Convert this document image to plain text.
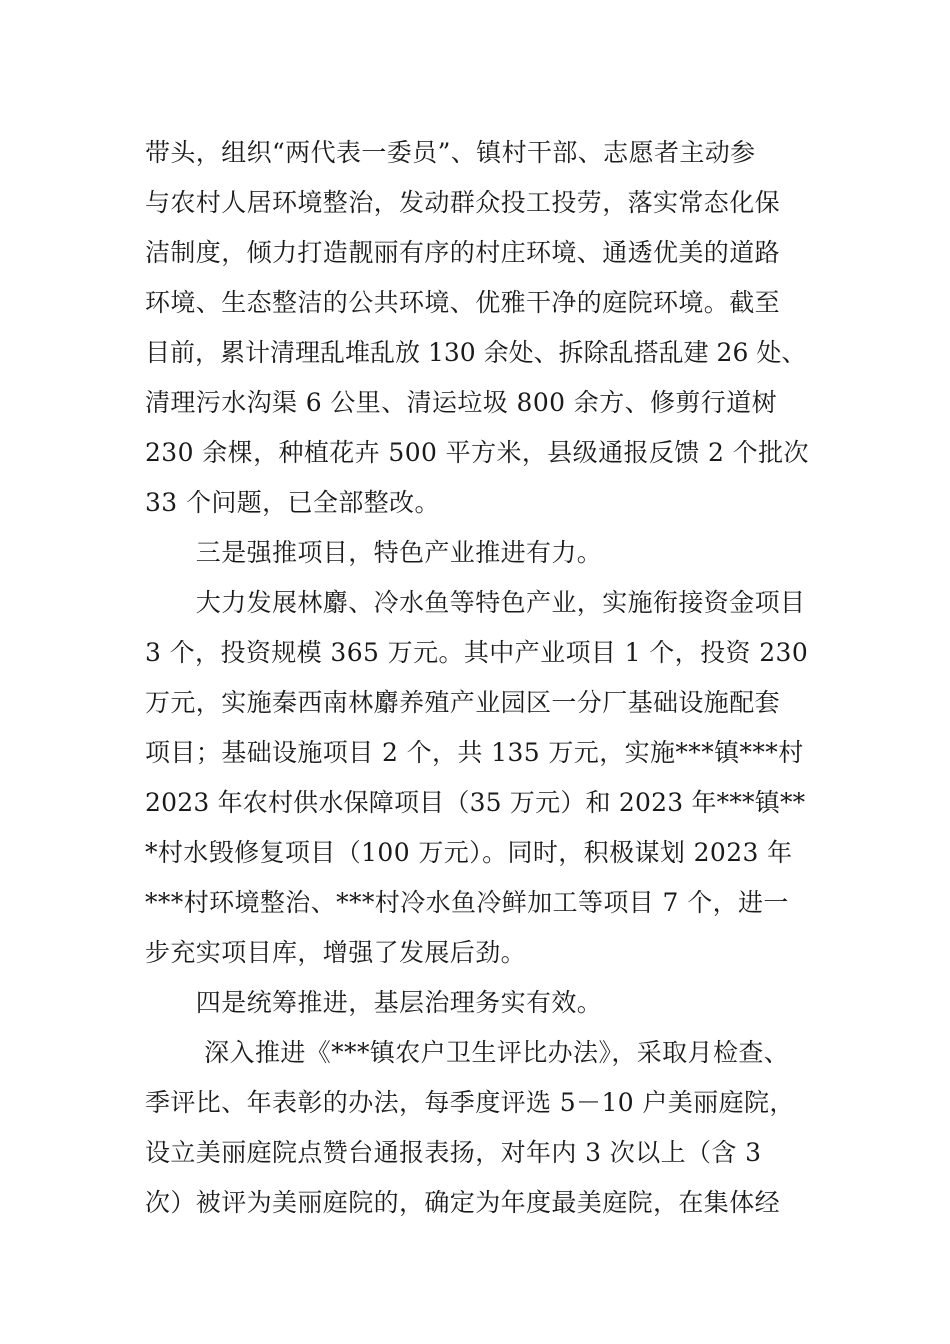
带头，组织“两代表一委员”、镇村干部、志愿者主动参
与农村人居环境整治，发动群众投工投劳，落实常态化保
洁制度，倾力打造靓丽有序的村庄环境、通透优美的道路
环境、生态整洁的公共环境、优雅干净的庭院环境。截至
目前，累计清理乱堆乱放 130 余处、拆除乱搭乱建 26 处、
清理污水沟渠 6 公里、清运垃圾 800 余方、修剪行道树
230 余棵，种植花卉 500 平方米，县级通报反馈 2 个批次
33 个问题，已全部整改。
　　三是强推项目，特色产业推进有力。
　　大力发展林麝、冷水鱼等特色产业，实施衔接资金项目
3 个，投资规模 365 万元。其中产业项目 1 个，投资 230
万元，实施秦西南林麝养殖产业园区一分厂基础设施配套
项目；基础设施项目 2 个，共 135 万元，实施***镇***村
2023 年农村供水保障项目（35 万元）和 2023 年***镇**
*村水毁修复项目（100 万元）。同时，积极谋划 2023 年
***村环境整治、***村冷水鱼冷鲜加工等项目 7 个，进一
步充实项目库，增强了发展后劲。
　　四是统筹推进，基层治理务实有效。
　　 深入推进《***镇农户卫生评比办法》，采取月检查、
季评比、年表彰的办法，每季度评选 5－10 户美丽庭院，
设立美丽庭院点赞台通报表扬，对年内 3 次以上（含 3
次）被评为美丽庭院的，确定为年度最美庭院，在集体经
